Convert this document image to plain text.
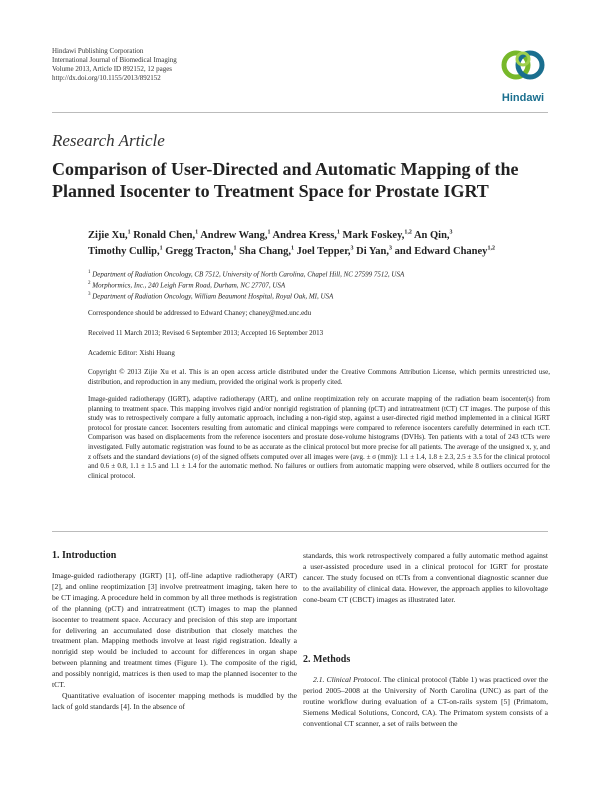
Hindawi Publishing Corporation
International Journal of Biomedical Imaging
Volume 2013, Article ID 892152, 12 pages
http://dx.doi.org/10.1155/2013/892152
Hindawi
Research Article
Comparison of User-Directed and Automatic Mapping of the Planned Isocenter to Treatment Space for Prostate IGRT
Zijie Xu,$^1$ Ronald Chen,$^1$ Andrew Wang,$^1$ Andrea Kress,$^1$ Mark Foskey,$^{1,2}$ An Qin,$^3$
Timothy Cullip,$^1$ Gregg Tracton,$^1$ Sha Chang,$^1$ Joel Tepper,$^3$ Di Yan,$^3$ and Edward Chaney$^{1,2}$
$^1$ Department of Radiation Oncology, CB 7512, University of North Carolina, Chapel Hill, NC 27599 7512, USA
$^2$ Morphormics, Inc., 240 Leigh Farm Road, Durham, NC 27707, USA
$^3$ Department of Radiation Oncology, William Beaumont Hospital, Royal Oak, MI, USA
Correspondence should be addressed to Edward Chaney; chaney@med.unc.edu
Received 11 March 2013; Revised 6 September 2013; Accepted 16 September 2013
Academic Editor: Xishi Huang
Copyright © 2013 Zijie Xu et al. This is an open access article distributed under the Creative Commons Attribution License, which permits unrestricted use, distribution, and reproduction in any medium, provided the original work is properly cited.
Image-guided radiotherapy (IGRT), adaptive radiotherapy (ART), and online reoptimization rely on accurate mapping of the radiation beam isocenter(s) from planning to treatment space. This mapping involves rigid and/or nonrigid registration of planning (pCT) and intratreatment (tCT) CT images. The purpose of this study was to retrospectively compare a fully automatic approach, including a non-rigid step, against a user-directed rigid method implemented in a clinical IGRT protocol for prostate cancer. Isocenters resulting from automatic and clinical mappings were compared to reference isocenters carefully determined in each tCT. Comparison was based on displacements from the reference isocenters and prostate dose-volume histograms (DVHs). Ten patients with a total of 243 tCTs were investigated. Fully automatic registration was found to be as accurate as the clinical protocol but more precise for all patients. The average of the unsigned x, y, and z offsets and the standard deviations (σ) of the signed offsets computed over all images were (avg. ± σ (mm)): 1.1 ± 1.4, 1.8 ± 2.3, 2.5 ± 3.5 for the clinical protocol and 0.6 ± 0.8, 1.1 ± 1.5 and 1.1 ± 1.4 for the automatic method. No failures or outliers from automatic mapping were observed, while 8 outliers occurred for the clinical protocol.
1. Introduction

Image-guided radiotherapy (IGRT) [1], off-line adaptive radiotherapy (ART) [2], and online reoptimization [3] involve pretreatment imaging, taken here to be CT imaging. A procedure held in common by all three methods is registration of the planning (pCT) and intratreatment (tCT) images to map the planned isocenter to treatment space. Accuracy and precision of this step are important for delivering an accumulated dose distribution that closely matches the treatment plan. Mapping methods involve at least rigid registration. Ideally a nonrigid step would be included to account for differences in organ shape between planning and treatment times (Figure 1). The composite of the rigid, and possibly nonrigid, matrices is then used to map the planned isocenter to the tCT.

Quantitative evaluation of isocenter mapping methods is muddled by the lack of gold standards [4]. In the absence of

standards, this work retrospectively compared a fully automatic method against a user-assisted procedure used in a clinical protocol for IGRT for prostate cancer. The study focused on tCTs from a conventional diagnostic scanner due to the availability of clinical data. However, the approach applies to kilovoltage cone-beam CT (CBCT) images as illustrated later.

2. Methods

2.1. Clinical Protocol. The clinical protocol (Table 1) was practiced over the period 2005–2008 at the University of North Carolina (UNC) as part of the routine workflow during evaluation of a CT-on-rails system [5] (Primatom, Siemens Medical Solutions, Concord, CA). The Primatom system consists of a conventional CT scanner, a set of rails between the
